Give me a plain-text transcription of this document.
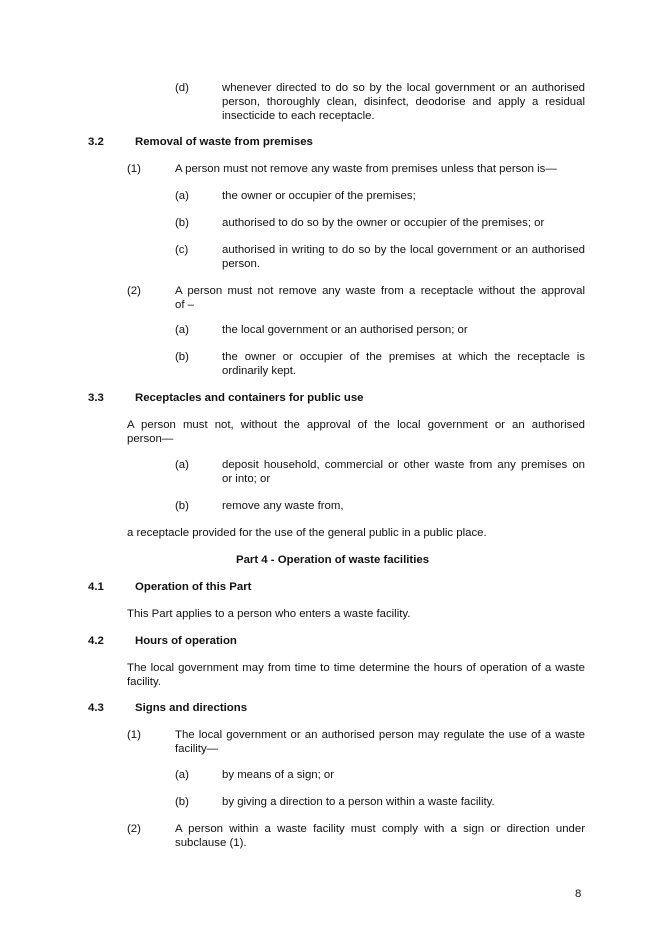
(d)	whenever directed to do so by the local government or an authorised
person, thoroughly clean, disinfect, deodorise and apply a residual
insecticide to each receptacle.
3.2	Removal of waste from premises
(1)	A person must not remove any waste from premises unless that person is—
(a)	the owner or occupier of the premises;
(b)	authorised to do so by the owner or occupier of the premises; or
(c)	authorised in writing to do so by the local government or an authorised
person.
(2)	A person must not remove any waste from a receptacle without the approval
of –
(a)	the local government or an authorised person; or
(b)	the owner or occupier of the premises at which the receptacle is
ordinarily kept.
3.3	Receptacles and containers for public use
A person must not, without the approval of the local government or an authorised
person—
(a)	deposit household, commercial or other waste from any premises on
or into; or
(b)	remove any waste from,
a receptacle provided for the use of the general public in a public place.
Part 4 - Operation of waste facilities
4.1	Operation of this Part
This Part applies to a person who enters a waste facility.
4.2	Hours of operation
The local government may from time to time determine the hours of operation of a waste
facility.
4.3	Signs and directions
(1)	The local government or an authorised person may regulate the use of a waste
facility—
(a)	by means of a sign; or
(b)	by giving a direction to a person within a waste facility.
(2)	A person within a waste facility must comply with a sign or direction under
subclause (1).
8
